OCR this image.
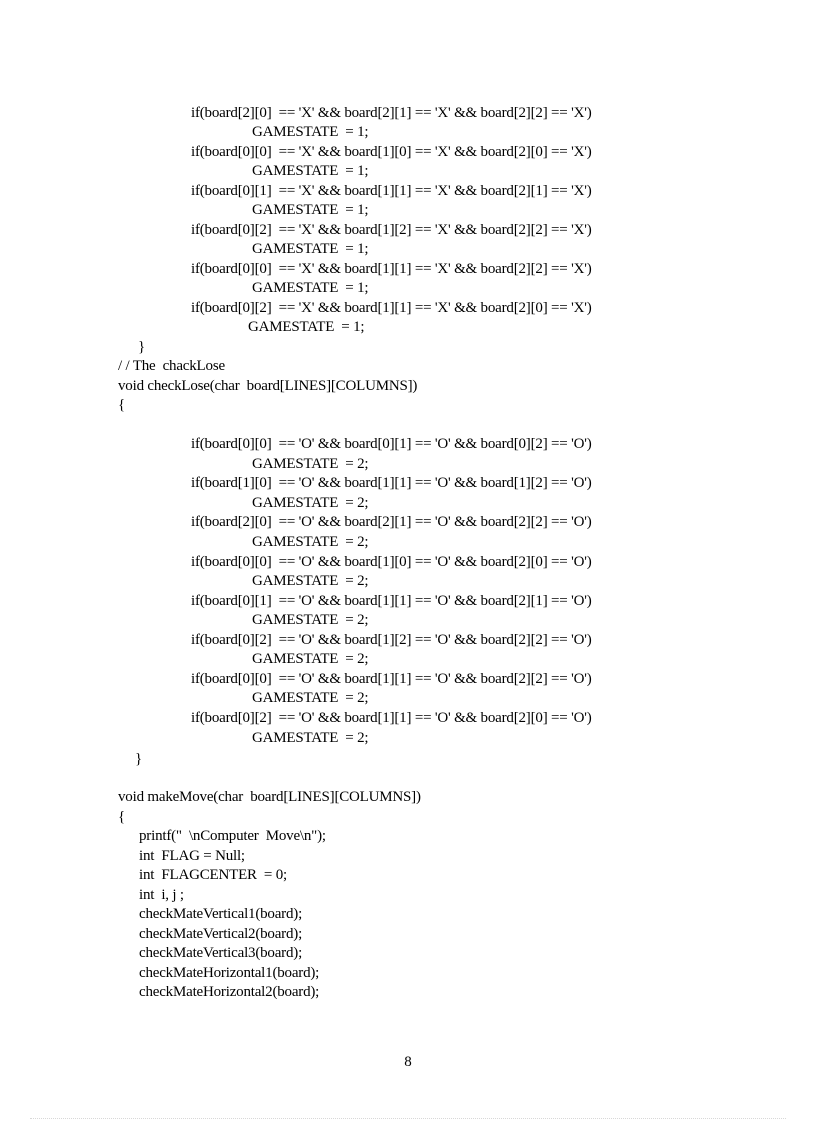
if(board[2][0]  == 'X' && board[2][1] == 'X' && board[2][2] == 'X')
GAMESTATE  = 1;
if(board[0][0]  == 'X' && board[1][0] == 'X' && board[2][0] == 'X')
GAMESTATE  = 1;
if(board[0][1]  == 'X' && board[1][1] == 'X' && board[2][1] == 'X')
GAMESTATE  = 1;
if(board[0][2]  == 'X' && board[1][2] == 'X' && board[2][2] == 'X')
GAMESTATE  = 1;
if(board[0][0]  == 'X' && board[1][1] == 'X' && board[2][2] == 'X')
GAMESTATE  = 1;
if(board[0][2]  == 'X' && board[1][1] == 'X' && board[2][0] == 'X')
GAMESTATE  = 1;
}
/ / The  chackLose
void checkLose(char  board[LINES][COLUMNS])
{
if(board[0][0]  == 'O' && board[0][1] == 'O' && board[0][2] == 'O')
GAMESTATE  = 2;
if(board[1][0]  == 'O' && board[1][1] == 'O' && board[1][2] == 'O')
GAMESTATE  = 2;
if(board[2][0]  == 'O' && board[2][1] == 'O' && board[2][2] == 'O')
GAMESTATE  = 2;
if(board[0][0]  == 'O' && board[1][0] == 'O' && board[2][0] == 'O')
GAMESTATE  = 2;
if(board[0][1]  == 'O' && board[1][1] == 'O' && board[2][1] == 'O')
GAMESTATE  = 2;
if(board[0][2]  == 'O' && board[1][2] == 'O' && board[2][2] == 'O')
GAMESTATE  = 2;
if(board[0][0]  == 'O' && board[1][1] == 'O' && board[2][2] == 'O')
GAMESTATE  = 2;
if(board[0][2]  == 'O' && board[1][1] == 'O' && board[2][0] == 'O')
GAMESTATE  = 2;
}
void makeMove(char  board[LINES][COLUMNS])
{
printf("  \nComputer  Move\n");
int  FLAG = Null;
int  FLAGCENTER  = 0;
int  i, j ;
checkMateVertical1(board);
checkMateVertical2(board);
checkMateVertical3(board);
checkMateHorizontal1(board);
checkMateHorizontal2(board);
8
